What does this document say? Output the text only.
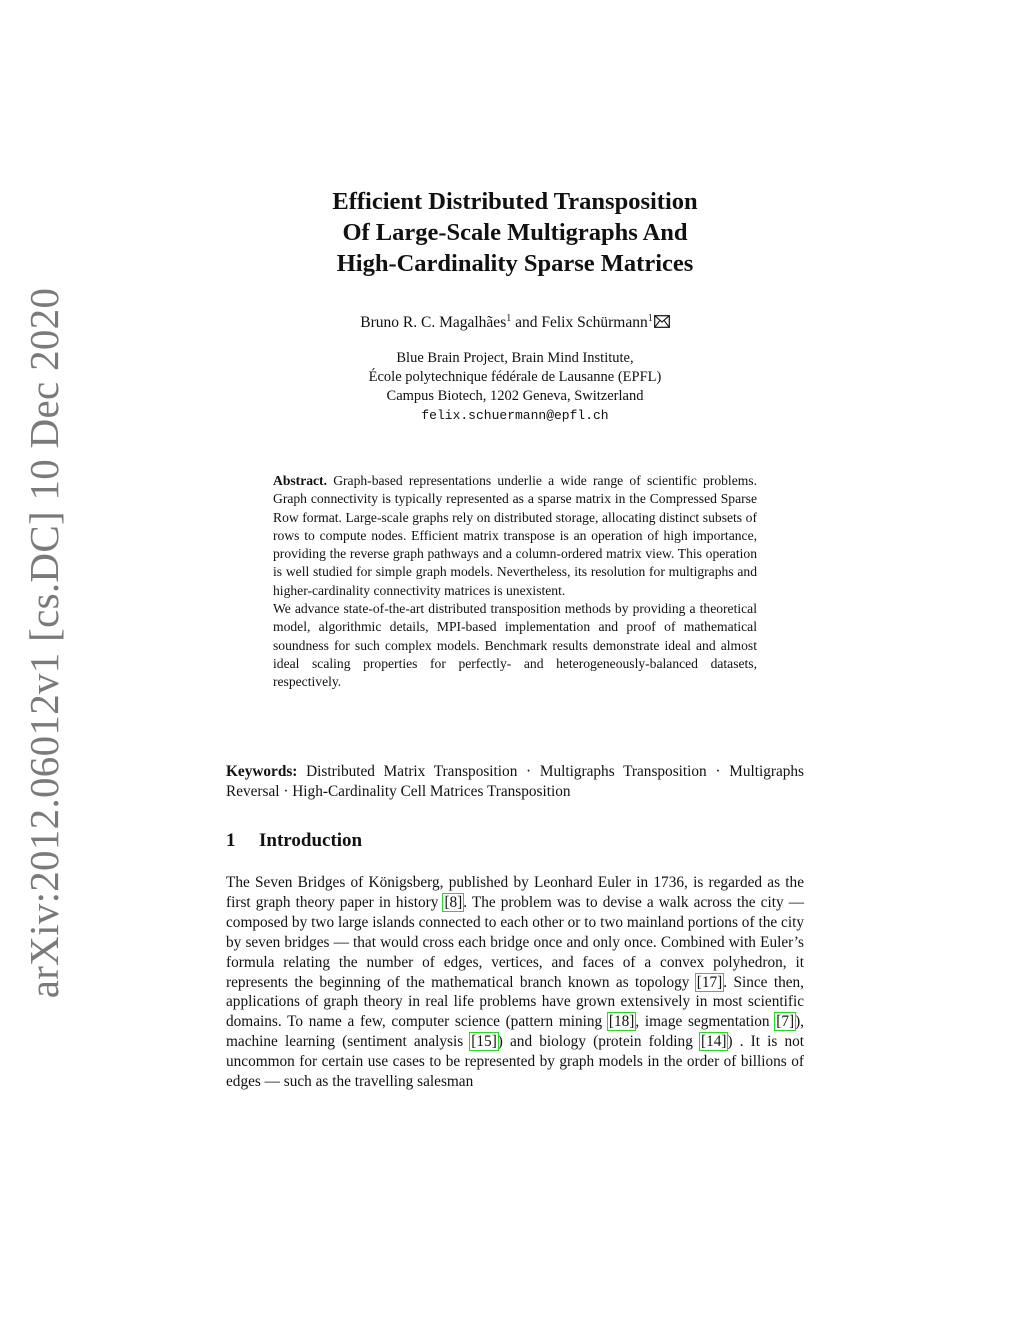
arXiv:2012.06012v1 [cs.DC] 10 Dec 2020
Efficient Distributed Transposition
Of Large-Scale Multigraphs And
High-Cardinality Sparse Matrices
Bruno R. C. Magalhães$^1$ and Felix Schürmann$^1$
Blue Brain Project, Brain Mind Institute,
École polytechnique fédérale de Lausanne (EPFL)
Campus Biotech, 1202 Geneva, Switzerland
felix.schuermann@epfl.ch

Abstract. Graph-based representations underlie a wide range of scientific problems. Graph connectivity is typically represented as a sparse matrix in the Compressed Sparse Row format. Large-scale graphs rely on distributed storage, allocating distinct subsets of rows to compute nodes. Efficient matrix transpose is an operation of high importance, providing the reverse graph pathways and a column-ordered matrix view. This operation is well studied for simple graph models. Nevertheless, its resolution for multigraphs and higher-cardinality connectivity matrices is unexistent.

We advance state-of-the-art distributed transposition methods by providing a theoretical model, algorithmic details, MPI-based implementation and proof of mathematical soundness for such complex models. Benchmark results demonstrate ideal and almost ideal scaling properties for perfectly- and heterogeneously-balanced datasets, respectively.

Keywords: Distributed Matrix Transposition · Multigraphs Transposition · Multigraphs Reversal · High-Cardinality Cell Matrices Transposition

1 Introduction

The Seven Bridges of Königsberg, published by Leonhard Euler in 1736, is regarded as the first graph theory paper in history [8]. The problem was to devise a walk across the city — composed by two large islands connected to each other or to two mainland portions of the city by seven bridges — that would cross each bridge once and only once. Combined with Euler’s formula relating the number of edges, vertices, and faces of a convex polyhedron, it represents the beginning of the mathematical branch known as topology [17]. Since then, applications of graph theory in real life problems have grown extensively in most scientific domains. To name a few, computer science (pattern mining [18], image segmentation [7]), machine learning (sentiment analysis [15]) and biology (protein folding [14]) . It is not uncommon for certain use cases to be represented by graph models in the order of billions of edges — such as the travelling salesman
